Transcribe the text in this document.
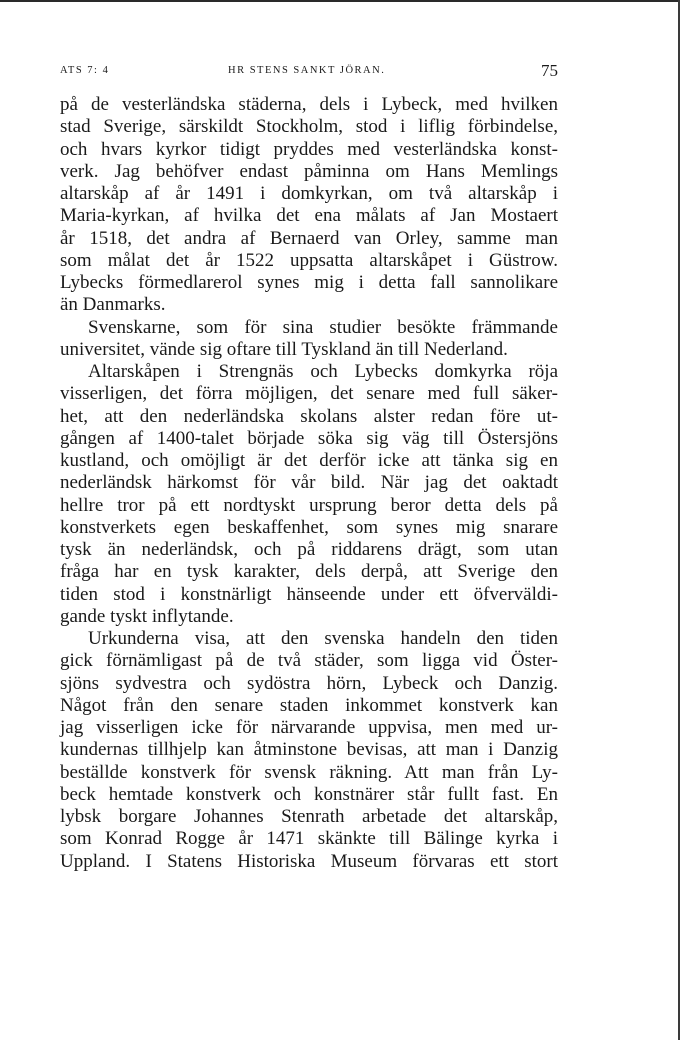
ATS 7: 4	HR STENS SANKT JÖRAN.	75
på de vesterländska städerna, dels i Lybeck, med hvilken
stad Sverige, särskildt Stockholm, stod i liflig förbindelse,
och hvars kyrkor tidigt pryddes med vesterländska konst-
verk. Jag behöfver endast påminna om Hans Memlings
altarskåp af år 1491 i domkyrkan, om två altarskåp i
Maria-kyrkan, af hvilka det ena målats af Jan Mostaert
år 1518, det andra af Bernaerd van Orley, samme man
som målat det år 1522 uppsatta altarskåpet i Güstrow.
Lybecks förmedlarerol synes mig i detta fall sannolikare
än Danmarks.
Svenskarne, som för sina studier besökte främmande
universitet, vände sig oftare till Tyskland än till Nederland.
Altarskåpen i Strengnäs och Lybecks domkyrka röja
visserligen, det förra möjligen, det senare med full säker-
het, att den nederländska skolans alster redan före ut-
gången af 1400-talet började söka sig väg till Östersjöns
kustland, och omöjligt är det derför icke att tänka sig en
nederländsk härkomst för vår bild. När jag det oaktadt
hellre tror på ett nordtyskt ursprung beror detta dels på
konstverkets egen beskaffenhet, som synes mig snarare
tysk än nederländsk, och på riddarens drägt, som utan
fråga har en tysk karakter, dels derpå, att Sverige den
tiden stod i konstnärligt hänseende under ett öfverväldi-
gande tyskt inflytande.
Urkunderna visa, att den svenska handeln den tiden
gick förnämligast på de två städer, som ligga vid Öster-
sjöns sydvestra och sydöstra hörn, Lybeck och Danzig.
Något från den senare staden inkommet konstverk kan
jag visserligen icke för närvarande uppvisa, men med ur-
kundernas tillhjelp kan åtminstone bevisas, att man i Danzig
beställde konstverk för svensk räkning. Att man från Ly-
beck hemtade konstverk och konstnärer står fullt fast. En
lybsk borgare Johannes Stenrath arbetade det altarskåp,
som Konrad Rogge år 1471 skänkte till Bälinge kyrka i
Uppland. I Statens Historiska Museum förvaras ett stort
